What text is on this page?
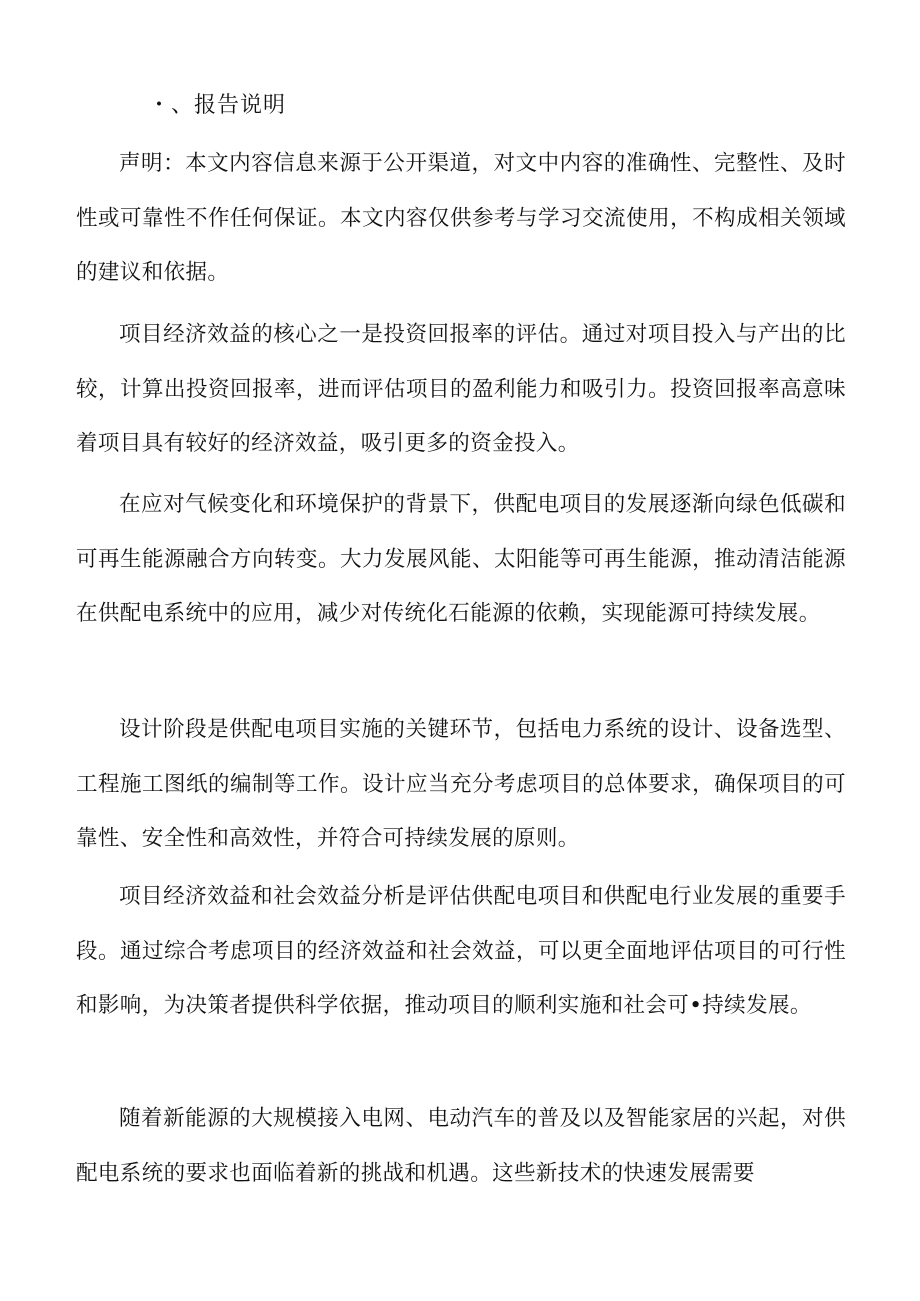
・、报告说明

声明：本文内容信息来源于公开渠道，对文中内容的准确性、完整性、及时性或可靠性不作任何保证。本文内容仅供参考与学习交流使用，不构成相关领域的建议和依据。

项目经济效益的核心之一是投资回报率的评估。通过对项目投入与产出的比较，计算出投资回报率，进而评估项目的盈利能力和吸引力。投资回报率高意味着项目具有较好的经济效益，吸引更多的资金投入。

在应对气候变化和环境保护的背景下，供配电项目的发展逐渐向绿色低碳和可再生能源融合方向转变。大力发展风能、太阳能等可再生能源，推动清洁能源在供配电系统中的应用，减少对传统化石能源的依赖，实现能源可持续发展。

设计阶段是供配电项目实施的关键环节，包括电力系统的设计、设备选型、工程施工图纸的编制等工作。设计应当充分考虑项目的总体要求，确保项目的可靠性、安全性和高效性，并符合可持续发展的原则。

项目经济效益和社会效益分析是评估供配电项目和供配电行业发展的重要手段。通过综合考虑项目的经济效益和社会效益，可以更全面地评估项目的可行性和影响，为决策者提供科学依据，推动项目的顺利实施和社会可•持续发展。

随着新能源的大规模接入电网、电动汽车的普及以及智能家居的兴起，对供配电系统的要求也面临着新的挑战和机遇。这些新技术的快速发展需要
